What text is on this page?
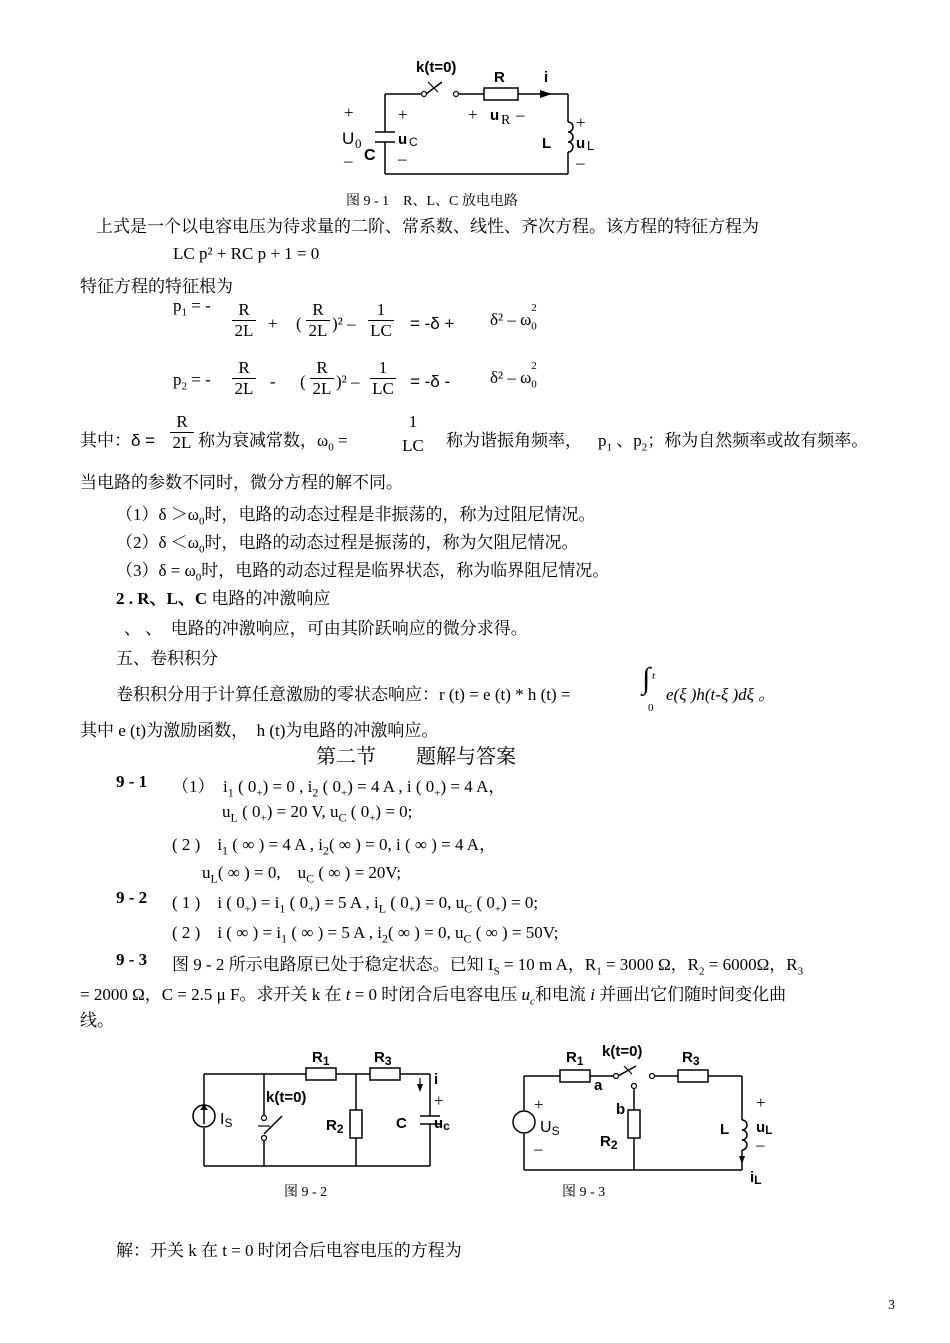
k(t=0)
R	i
+ u R –
+
U 0
– C
+
u C
–
L
+
u L
–
图 9 - 1　R、L、C 放电电路
上式是一个以电容电压为待求量的二阶、常系数、线性、齐次方程。该方程的特征方程为
LC p² + RC p + 1 = 0
特征方程的特征根为
$p_1$ = -	R
2L + (
R
2L )² –
1
LC = -δ + δ² – ω
2
$_0$
$p_2$ = -
R
2L - (
R
2L )² –
1
LC = -δ - δ² – ω
2
$_0$
其中：δ =
R
2L 称为衰减常数，$\omega_0$ =
1
LC 称为谐振角频率， $p_1$ 、$p_2$；称为自然频率或故有频率。
当电路的参数不同时，微分方程的解不同。
$(1)\delta >\omega_0$时，电路的动态过程是非振荡的，称为过阻尼情况。
$(2)\delta <\omega_0$时，电路的动态过程是振荡的，称为欠阻尼情况。
$(3)\delta = \omega_0$时，电路的动态过程是临界状态，称为临界阻尼情况。
2 . R、L、C 电路的冲激响应
、 、　电路的冲激响应，可由其阶跃响应的微分求得。
五、卷积积分
卷积积分用于计算任意激励的零状态响应：r (t) = e (t) * h (t) = ∫ t
0
e(ξ )h(t-ξ )dξ 。
其中 e (t)为激励函数，　h (t)为电路的冲激响应。
第二节　　题解与答案
9 - 1 （1）　$i_1$ ( $0_+) = 0$ , $i_2$ ( $0_+) = 4$ A , i ( $0_+) = 4$ A，
$u_L$ ( $0_+) = 20$ V, $u_C$ ( $0_+) = 0$;
( 2 )　$i_1$ ( ∞ ) = 4 A , $i_2$( ∞ ) = 0, i ( ∞ ) = 4 A，
$u_L$( ∞ ) = 0,　$u_C$ ( ∞ ) = 20V;
9 - 2 ( 1 )　i ( $0_+) = i_1$ ( $0_+) = 5$ A , $i_L$ ( $0_+) = 0$, $u_C$ ( $0_+) = 0$;
( 2 )　i ( ∞ ) = $i_1$ ( ∞ ) = 5 A , $i_2$( ∞ ) = 0, $u_C$ ( ∞ ) = 50V;
9 - 3 图 9 - 2 所示电路原已处于稳定状态。已知 $I_S = 10$ m A，$R_1 = 3000$ Ω，$R_2 = 6000\Omega$，$R_3$
= 2000 Ω，C = 2.5 μ F。求开关 k 在 t = 0 时闭合后电容电压 $u_c$和电流 i 并画出它们随时间变化曲
线。
IS
k(t=0)
$R_1$	$R_3$
$R_2$	C
i
+
uc
图 9 - 2
$R_1$
k(t=0)	$R_3$
a
b
+
US
–	$R_2$
L
+
uL
–
iL
图 9 - 3
解：开关 k 在 t = 0 时闭合后电容电压的方程为
3
